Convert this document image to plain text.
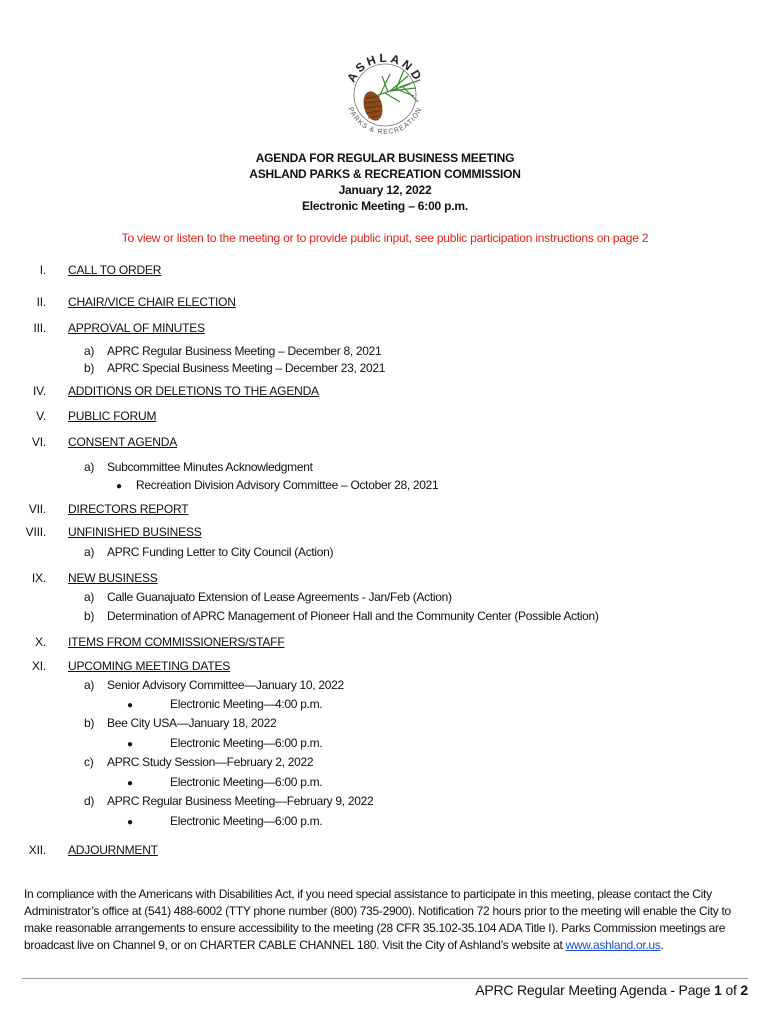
ASHLAND
PARKS & RECREATION
AGENDA FOR REGULAR BUSINESS MEETING
ASHLAND PARKS & RECREATION COMMISSION
January 12, 2022
Electronic Meeting – 6:00 p.m.
To view or listen to the meeting or to provide public input, see public participation instructions on page 2
I. CALL TO ORDER
II. CHAIR/VICE CHAIR ELECTION
III. APPROVAL OF MINUTES
a) APRC Regular Business Meeting – December 8, 2021
b) APRC Special Business Meeting – December 23, 2021
IV. ADDITIONS OR DELETIONS TO THE AGENDA
V. PUBLIC FORUM
VI. CONSENT AGENDA
a) Subcommittee Minutes Acknowledgment
● Recreation Division Advisory Committee – October 28, 2021
VII. DIRECTORS REPORT
VIII. UNFINISHED BUSINESS
a) APRC Funding Letter to City Council (Action)
IX. NEW BUSINESS
a) Calle Guanajuato Extension of Lease Agreements - Jan/Feb (Action)
b) Determination of APRC Management of Pioneer Hall and the Community Center (Possible Action)
X. ITEMS FROM COMMISSIONERS/STAFF
XI. UPCOMING MEETING DATES
a) Senior Advisory Committee—January 10, 2022
●	Electronic Meeting—4:00 p.m.
b) Bee City USA—January 18, 2022
●	Electronic Meeting—6:00 p.m.
c) APRC Study Session—February 2, 2022
●	Electronic Meeting—6:00 p.m.
d) APRC Regular Business Meeting—February 9, 2022
●	Electronic Meeting—6:00 p.m.
XII. ADJOURNMENT
In compliance with the Americans with Disabilities Act, if you need special assistance to participate in this meeting, please contact the City Administrator’s office at (541) 488-6002 (TTY phone number (800) 735-2900). Notification 72 hours prior to the meeting will enable the City to make reasonable arrangements to ensure accessibility to the meeting (28 CFR 35.102-35.104 ADA Title I). Parks Commission meetings are broadcast live on Channel 9, or on CHARTER CABLE CHANNEL 180. Visit the City of Ashland’s website at www.ashland.or.us.
APRC Regular Meeting Agenda - Page 1 of 2
